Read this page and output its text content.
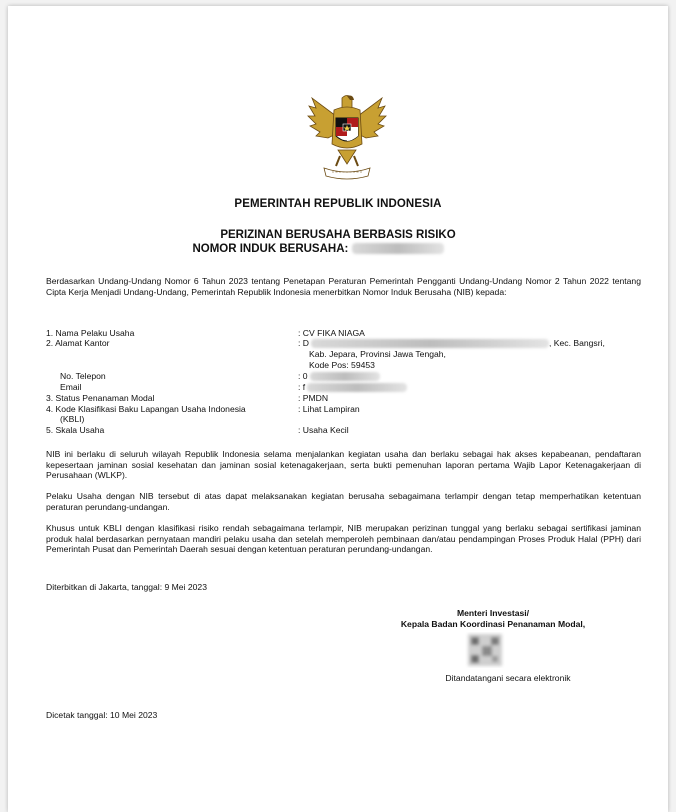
PEMERINTAH REPUBLIK INDONESIA
PERIZINAN BERUSAHA BERBASIS RISIKO
NOMOR INDUK BERUSAHA:
Berdasarkan Undang-Undang Nomor 6 Tahun 2023 tentang Penetapan Peraturan Pemerintah Pengganti Undang-Undang Nomor 2 Tahun 2022 tentang Cipta Kerja Menjadi Undang-Undang, Pemerintah Republik Indonesia menerbitkan Nomor Induk Berusaha (NIB) kepada:
1. Nama Pelaku Usaha	: CV FIKA NIAGA
2. Alamat Kantor	: D	, Kec. Bangsri,
Kab. Jepara, Provinsi Jawa Tengah,
Kode Pos: 59453
No. Telepon	: 0
Email	: f
3. Status Penanaman Modal	: PMDN
4. Kode Klasifikasi Baku Lapangan Usaha Indonesia	: Lihat Lampiran
(KBLI)
5. Skala Usaha	: Usaha Kecil
NIB ini berlaku di seluruh wilayah Republik Indonesia selama menjalankan kegiatan usaha dan berlaku sebagai hak akses kepabeanan, pendaftaran kepesertaan jaminan sosial kesehatan dan jaminan sosial ketenagakerjaan, serta bukti pemenuhan laporan pertama Wajib Lapor Ketenagakerjaan di Perusahaan (WLKP).
Pelaku Usaha dengan NIB tersebut di atas dapat melaksanakan kegiatan berusaha sebagaimana terlampir dengan tetap memperhatikan ketentuan peraturan perundang-undangan.
Khusus untuk KBLI dengan klasifikasi risiko rendah sebagaimana terlampir, NIB merupakan perizinan tunggal yang berlaku sebagai sertifikasi jaminan produk halal berdasarkan pernyataan mandiri pelaku usaha dan setelah memperoleh pembinaan dan/atau pendampingan Proses Produk Halal (PPH) dari Pemerintah Pusat dan Pemerintah Daerah sesuai dengan ketentuan peraturan perundang-undangan.
Diterbitkan di Jakarta, tanggal: 9 Mei 2023
Menteri Investasi/
Kepala Badan Koordinasi Penanaman Modal,
Ditandatangani secara elektronik
Dicetak tanggal: 10 Mei 2023
